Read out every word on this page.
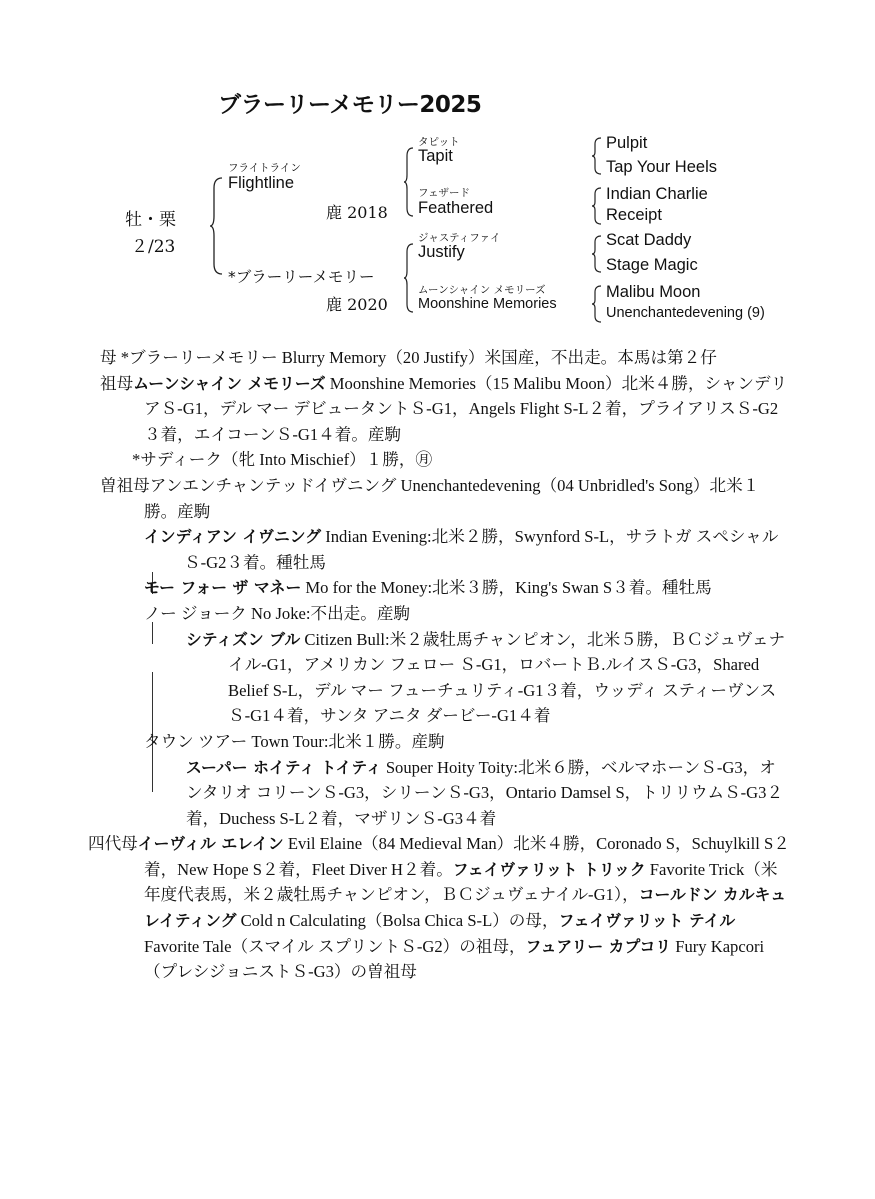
ブラーリーメモリー2025
牡・栗
２/23
フライトライン
Flightline
鹿 2018
タピット
Tapit
フェザード
Feathered
*ブラーリーメモリー
鹿 2020
ジャスティファイ
Justify
ムーンシャイン メモリーズ
Moonshine Memories
Pulpit
Tap Your Heels
Indian Charlie
Receipt
Scat Daddy
Stage Magic
Malibu Moon
Unenchantedevening (9)

母 *ブラーリーメモリー Blurry Memory（20 Justify）米国産，不出走。本馬は第２仔

祖母ムーンシャイン メモリーズ Moonshine Memories（15 Malibu Moon）北米４勝，シャンデリアＳ-G1，デル マー デビュータントＳ-G1，Angels Flight S-L２着，プライアリスＳ-G2３着，エイコーンＳ-G1４着。産駒

*サディーク（牝 Into Mischief）１勝，㊊

曽祖母アンエンチャンテッドイヴニング Unenchantedevening（04 Unbridled's Song）北米１勝。産駒

インディアン イヴニング Indian Evening:北米２勝，Swynford S-L，サラトガ スペシャルＳ-G2３着。種牡馬

モー フォー ザ マネー Mo for the Money:北米３勝，King's Swan S３着。種牡馬

ノー ジョーク No Joke:不出走。産駒

シティズン ブル Citizen Bull:米２歳牡馬チャンピオン，北米５勝，ＢＣジュヴェナイル-G1，アメリカン フェロー Ｓ-G1，ロバートＢ.ルイスＳ-G3，Shared Belief S-L，デル マー フューチュリティ-G1３着，ウッディ スティーヴンスＳ-G1４着，サンタ アニタ ダービー-G1４着

タウン ツアー Town Tour:北米１勝。産駒

スーパー ホイティ トイティ Souper Hoity Toity:北米６勝，ベルマホーンＳ-G3，オンタリオ コリーンＳ-G3，シリーンＳ-G3，Ontario Damsel S，トリリウムＳ-G3２着，Duchess S-L２着，マザリンＳ-G3４着

四代母イーヴィル エレイン Evil Elaine（84 Medieval Man）北米４勝，Coronado S，Schuylkill S２着，New Hope S２着，Fleet Diver H２着。フェイヴァリット トリック Favorite Trick（米年度代表馬，米２歳牡馬チャンピオン，ＢＣジュヴェナイル-G1），コールドン カルキュレイティング Cold n Calculating（Bolsa Chica S-L）の母，フェイヴァリット テイル Favorite Tale（スマイル スプリントＳ-G2）の祖母，フュアリー カプコリ Fury Kapcori（プレシジョニストＳ-G3）の曽祖母
